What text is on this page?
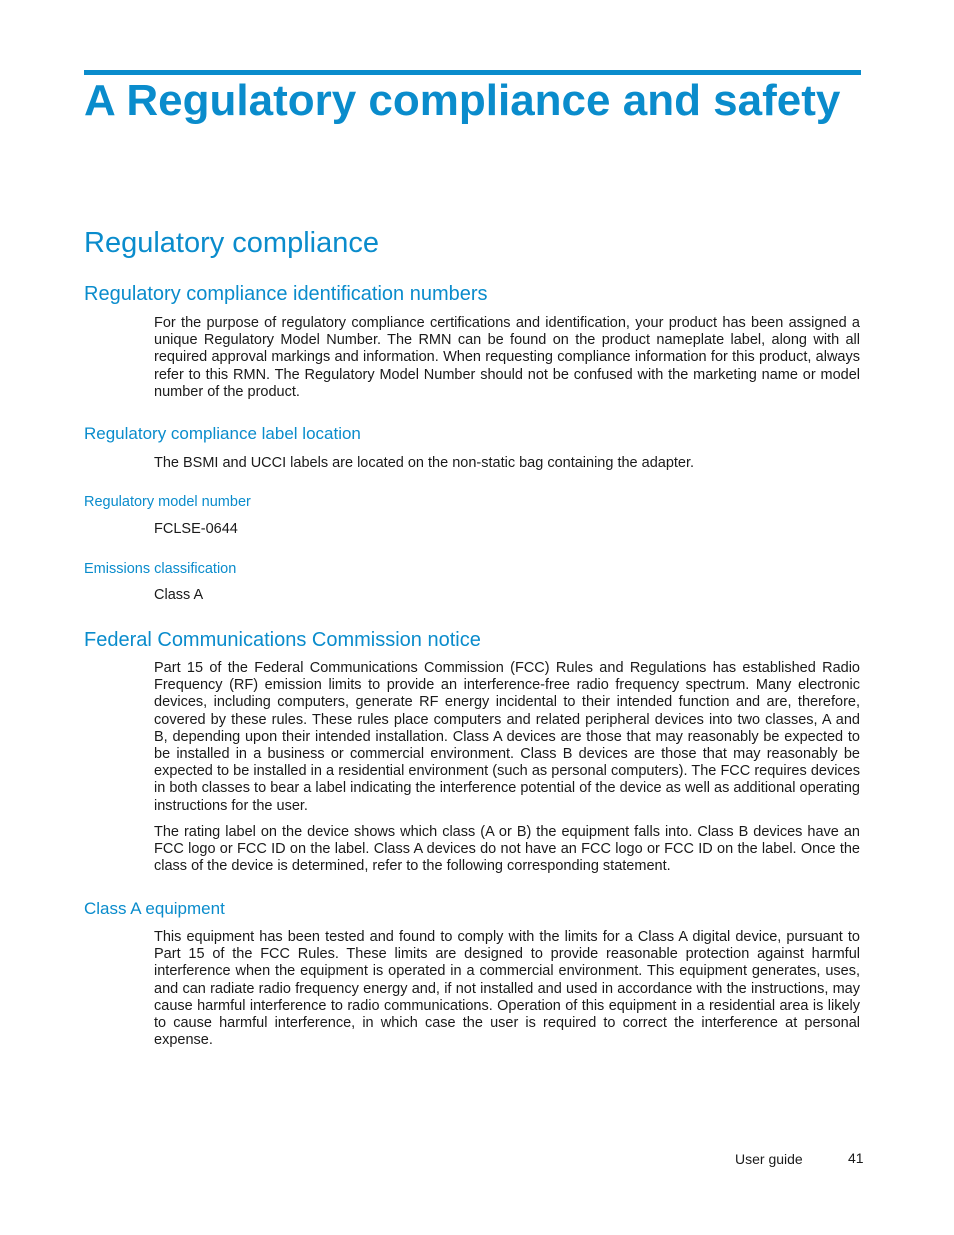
A Regulatory compliance and safety
Regulatory compliance
Regulatory compliance identification numbers

For the purpose of regulatory compliance certifications and identification, your product has been assigned a unique Regulatory Model Number. The RMN can be found on the product nameplate label, along with all required approval markings and information. When requesting compliance information for this product, always refer to this RMN. The Regulatory Model Number should not be confused with the marketing name or model number of the product.

Regulatory compliance label location

The BSMI and UCCI labels are located on the non-static bag containing the adapter.

Regulatory model number

FCLSE-0644

Emissions classification

Class A

Federal Communications Commission notice

Part 15 of the Federal Communications Commission (FCC) Rules and Regulations has established Radio Frequency (RF) emission limits to provide an interference-free radio frequency spectrum. Many electronic devices, including computers, generate RF energy incidental to their intended function and are, therefore, covered by these rules. These rules place computers and related peripheral devices into two classes, A and B, depending upon their intended installation. Class A devices are those that may reasonably be expected to be installed in a business or commercial environment. Class B devices are those that may reasonably be expected to be installed in a residential environment (such as personal computers). The FCC requires devices in both classes to bear a label indicating the interference potential of the device as well as additional operating instructions for the user.

The rating label on the device shows which class (A or B) the equipment falls into. Class B devices have an FCC logo or FCC ID on the label. Class A devices do not have an FCC logo or FCC ID on the label. Once the class of the device is determined, refer to the following corresponding statement.

Class A equipment

This equipment has been tested and found to comply with the limits for a Class A digital device, pursuant to Part 15 of the FCC Rules. These limits are designed to provide reasonable protection against harmful interference when the equipment is operated in a commercial environment. This equipment generates, uses, and can radiate radio frequency energy and, if not installed and used in accordance with the instructions, may cause harmful interference to radio communications. Operation of this equipment in a residential area is likely to cause harmful interference, in which case the user is required to correct the interference at personal expense.

User guide	41
